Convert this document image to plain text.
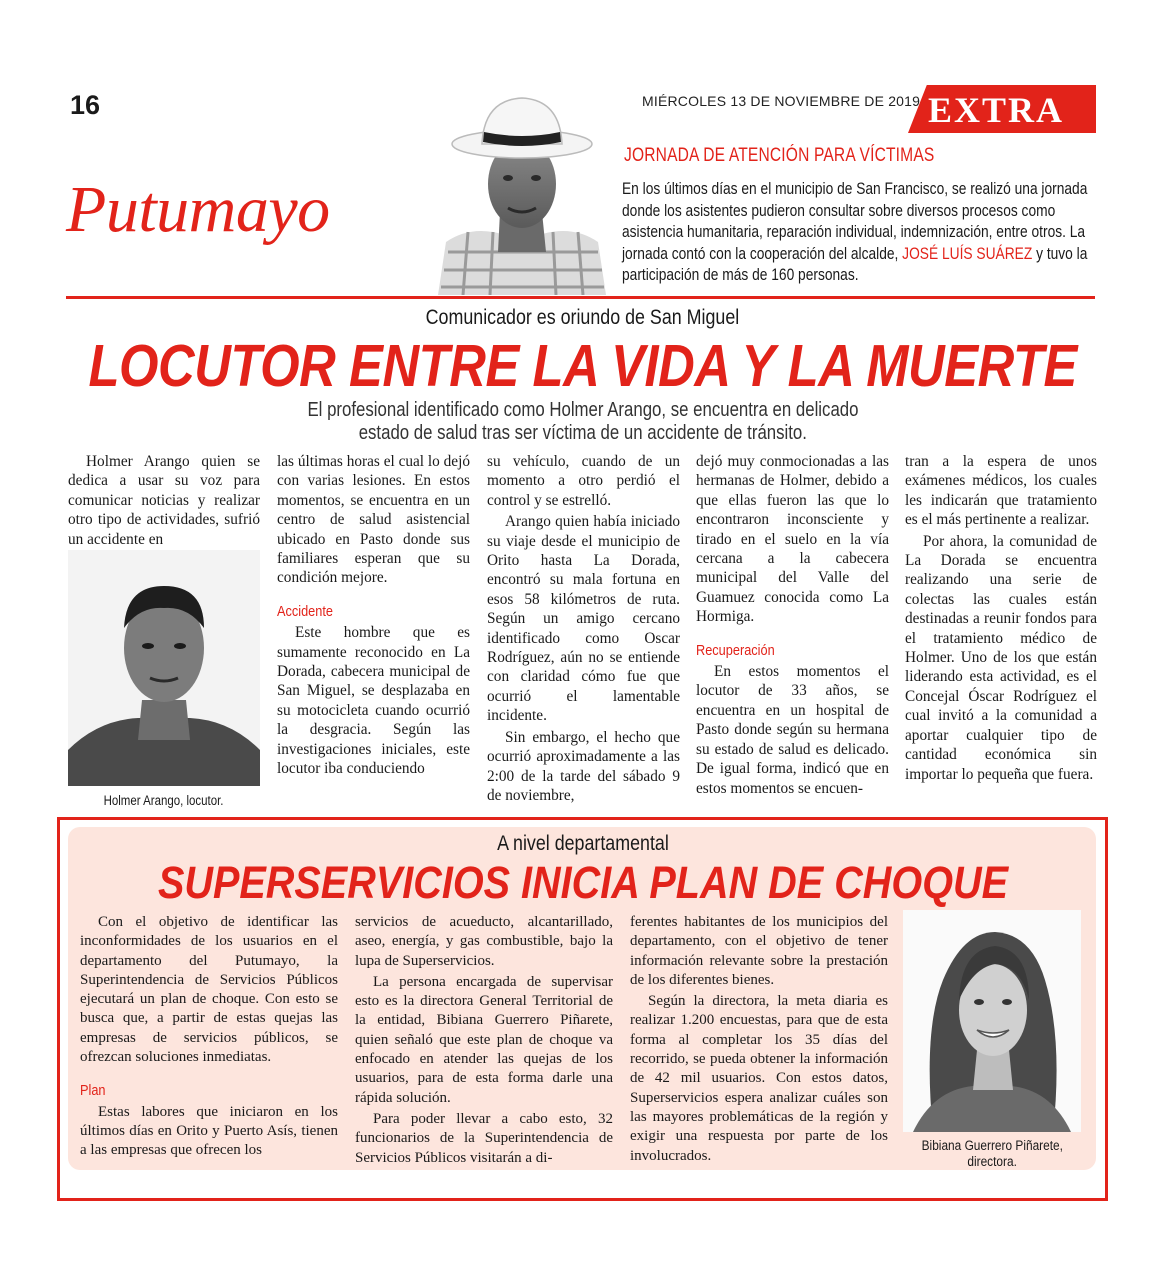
16	MIÉRCOLES 13 DE NOVIEMBRE DE 2019 EXTRA
Putumayo
JORNADA DE ATENCIÓN PARA VÍCTIMAS
En los últimos días en el municipio de San Francisco, se realizó una jornada donde los asistentes pudieron consultar sobre diversos procesos como asistencia humanitaria, reparación individual, indemnización, entre otros. La jornada contó con la cooperación del alcalde, JOSÉ LUÍS SUÁREZ y tuvo la participación de más de 160 personas.
Comunicador es oriundo de San Miguel
LOCUTOR ENTRE LA VIDA Y LA MUERTE
El profesional identificado como Holmer Arango, se encuentra en delicado
estado de salud tras ser víctima de un accidente de tránsito.

Holmer Arango quien se dedica a usar su voz para comunicar noticias y realizar otro tipo de actividades, sufrió un accidente en

Holmer Arango, locutor.

las últimas horas el cual lo dejó con varias lesiones. En estos momentos, se encuentra en un centro de salud asistencial ubicado en Pasto donde sus familiares esperan que su condición mejore.

Accidente

Este hombre que es sumamente reconocido en La Dorada, cabecera municipal de San Miguel, se desplazaba en su motocicleta cuando ocurrió la desgracia. Según las investigaciones iniciales, este locutor iba conduciendo

su vehículo, cuando de un momento a otro perdió el control y se estrelló.

Arango quien había iniciado su viaje desde el municipio de Orito hasta La Dorada, encontró su mala fortuna en esos 58 kilómetros de ruta. Según un amigo cercano identificado como Oscar Rodríguez, aún no se entiende con claridad cómo fue que ocurrió el lamentable incidente.

Sin embargo, el hecho que ocurrió aproximadamente a las 2:00 de la tarde del sábado 9 de noviembre,

dejó muy conmocionadas a las hermanas de Holmer, debido a que ellas fueron las que lo encontraron inconsciente y tirado en el suelo en la vía cercana a la cabecera municipal del Valle del Guamuez conocida como La Hormiga.

Recuperación

En estos momentos el locutor de 33 años, se encuentra en un hospital de Pasto donde según su hermana su estado de salud es delicado. De igual forma, indicó que en estos momentos se encuen-

tran a la espera de unos exámenes médicos, los cuales les indicarán que tratamiento es el más pertinente a realizar.

Por ahora, la comunidad de La Dorada se encuentra realizando una serie de colectas las cuales están destinadas a reunir fondos para el tratamiento médico de Holmer. Uno de los que están liderando esta actividad, es el Concejal Óscar Rodríguez el cual invitó a la comunidad a aportar cualquier tipo de cantidad económica sin importar lo pequeña que fuera.

A nivel departamental
SUPERSERVICIOS INICIA PLAN DE CHOQUE

Con el objetivo de identificar las inconformidades de los usuarios en el departamento del Putumayo, la Superintendencia de Servicios Públicos ejecutará un plan de choque. Con esto se busca que, a partir de estas quejas las empresas de servicios públicos, se ofrezcan soluciones inmediatas.

Plan

Estas labores que iniciaron en los últimos días en Orito y Puerto Asís, tienen a las empresas que ofrecen los

servicios de acueducto, alcantarillado, aseo, energía, y gas combustible, bajo la lupa de Superservicios.

La persona encargada de supervisar esto es la directora General Territorial de la entidad, Bibiana Guerrero Piñarete, quien señaló que este plan de choque va enfocado en atender las quejas de los usuarios, para de esta forma darle una rápida solución.

Para poder llevar a cabo esto, 32 funcionarios de la Superintendencia de Servicios Públicos visitarán a di-

ferentes habitantes de los municipios del departamento, con el objetivo de tener información relevante sobre la prestación de los diferentes bienes.

Según la directora, la meta diaria es realizar 1.200 encuestas, para que de esta forma al completar los 35 días del recorrido, se pueda obtener la información de 42 mil usuarios. Con estos datos, Superservicios espera analizar cuáles son las mayores problemáticas de la región y exigir una respuesta por parte de los involucrados.

Bibiana Guerrero Piñarete,
directora.
